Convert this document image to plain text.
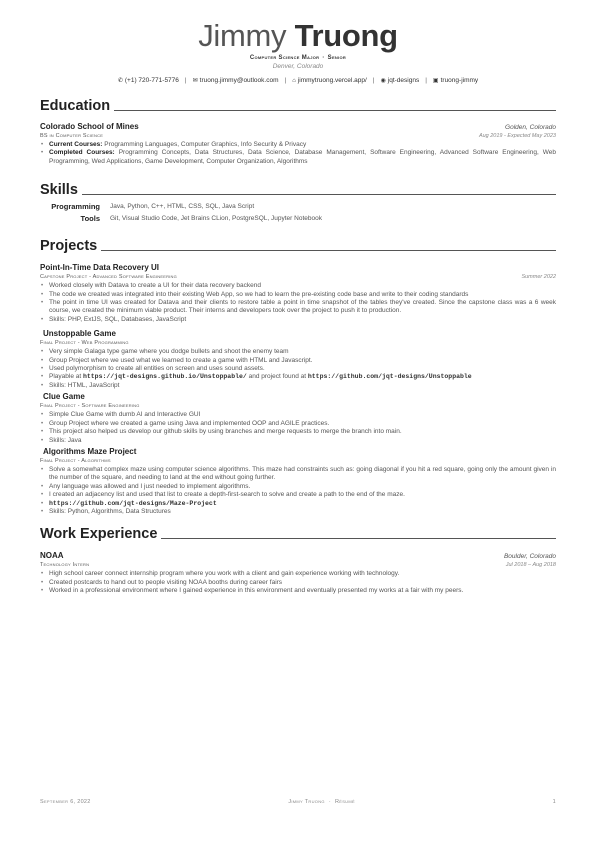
Jimmy Truong
Computer Science Major · Senior
Denver, Colorado
✆ (+1) 720-771-5776 | ✉ truong.jimmy@outlook.com | ⌂ jimmytruong.vercel.app/ | ◉ jqt-designs | ▣ truong-jimmy
Education
Colorado School of Mines	Golden, Colorado
BS in Computer Science	Aug 2019 - Expected May 2023
• Current Courses: Programming Languages, Computer Graphics, Info Security & Privacy
• Completed Courses: Programming Concepts, Data Structures, Data Science, Database Management, Software Engineering, Advanced Software Engineering, Web Programming, Wed Applications, Game Development, Computer Organization, Algorithms
Skills
Programming Java, Python, C++, HTML, CSS, SQL, Java Script
Tools Git, Visual Studio Code, Jet Brains CLion, PostgreSQL, Jupyter Notebook
Projects
Point-In-Time Data Recovery UI
Capstone Project - Advanced Software Engineering	Summer 2022
• Worked closely with Datava to create a UI for their data recovery backend
• The code we created was integrated into their existing Web App, so we had to learn the pre-existing code base and write to their coding standards
• The point in time UI was created for Datava and their clients to restore table a point in time snapshot of the tables they've created. Since the capstone class was a 6 week course, we created the minimum viable product. Their interns and developers took over the project to push it to production.
• Skills: PHP, ExtJS, SQL, Databases, JavaScript
Unstoppable Game
Final Project - Web Programming
• Very simple Galaga type game where you dodge bullets and shoot the enemy team
• Group Project where we used what we learned to create a game with HTML and Javascript.
• Used polymorphism to create all entities on screen and uses sound assets.
• Playable at https://jqt-designs.github.io/Unstoppable/ and project found at https://github.com/jqt-designs/Unstoppable
• Skills: HTML, JavaScript
Clue Game
Final Project - Software Engineering
• Simple Clue Game with dumb AI and Interactive GUI
• Group Project where we created a game using Java and implemented OOP and AGILE practices.
• This project also helped us develop our github skills by using branches and merge requests to merge the branch into main.
• Skills: Java
Algorithms Maze Project
Final Project - Algorithms
• Solve a somewhat complex maze using computer science algorithms. This maze had constraints such as: going diagonal if you hit a red square, going only the amount given in the number of the square, and needing to land at the end without going further.
• Any language was allowed and I just needed to implement algorithms.
• I created an adjacency list and used that list to create a depth-first-search to solve and create a path to the end of the maze.
• https://github.com/jqt-designs/Maze-Project
• Skills: Python, Algorithms, Data Structures
Work Experience
NOAA	Boulder, Colorado
Technology Intern	Jul 2018 – Aug 2018
• High school career connect internship program where you work with a client and gain experience working with technology.
• Created postcards to hand out to people visiting NOAA booths during career fairs
• Worked in a professional environment where I gained experience in this environment and eventually presented my works at a fair with my peers.
September 6, 2022	Jimmy Truong · Résumé	1
